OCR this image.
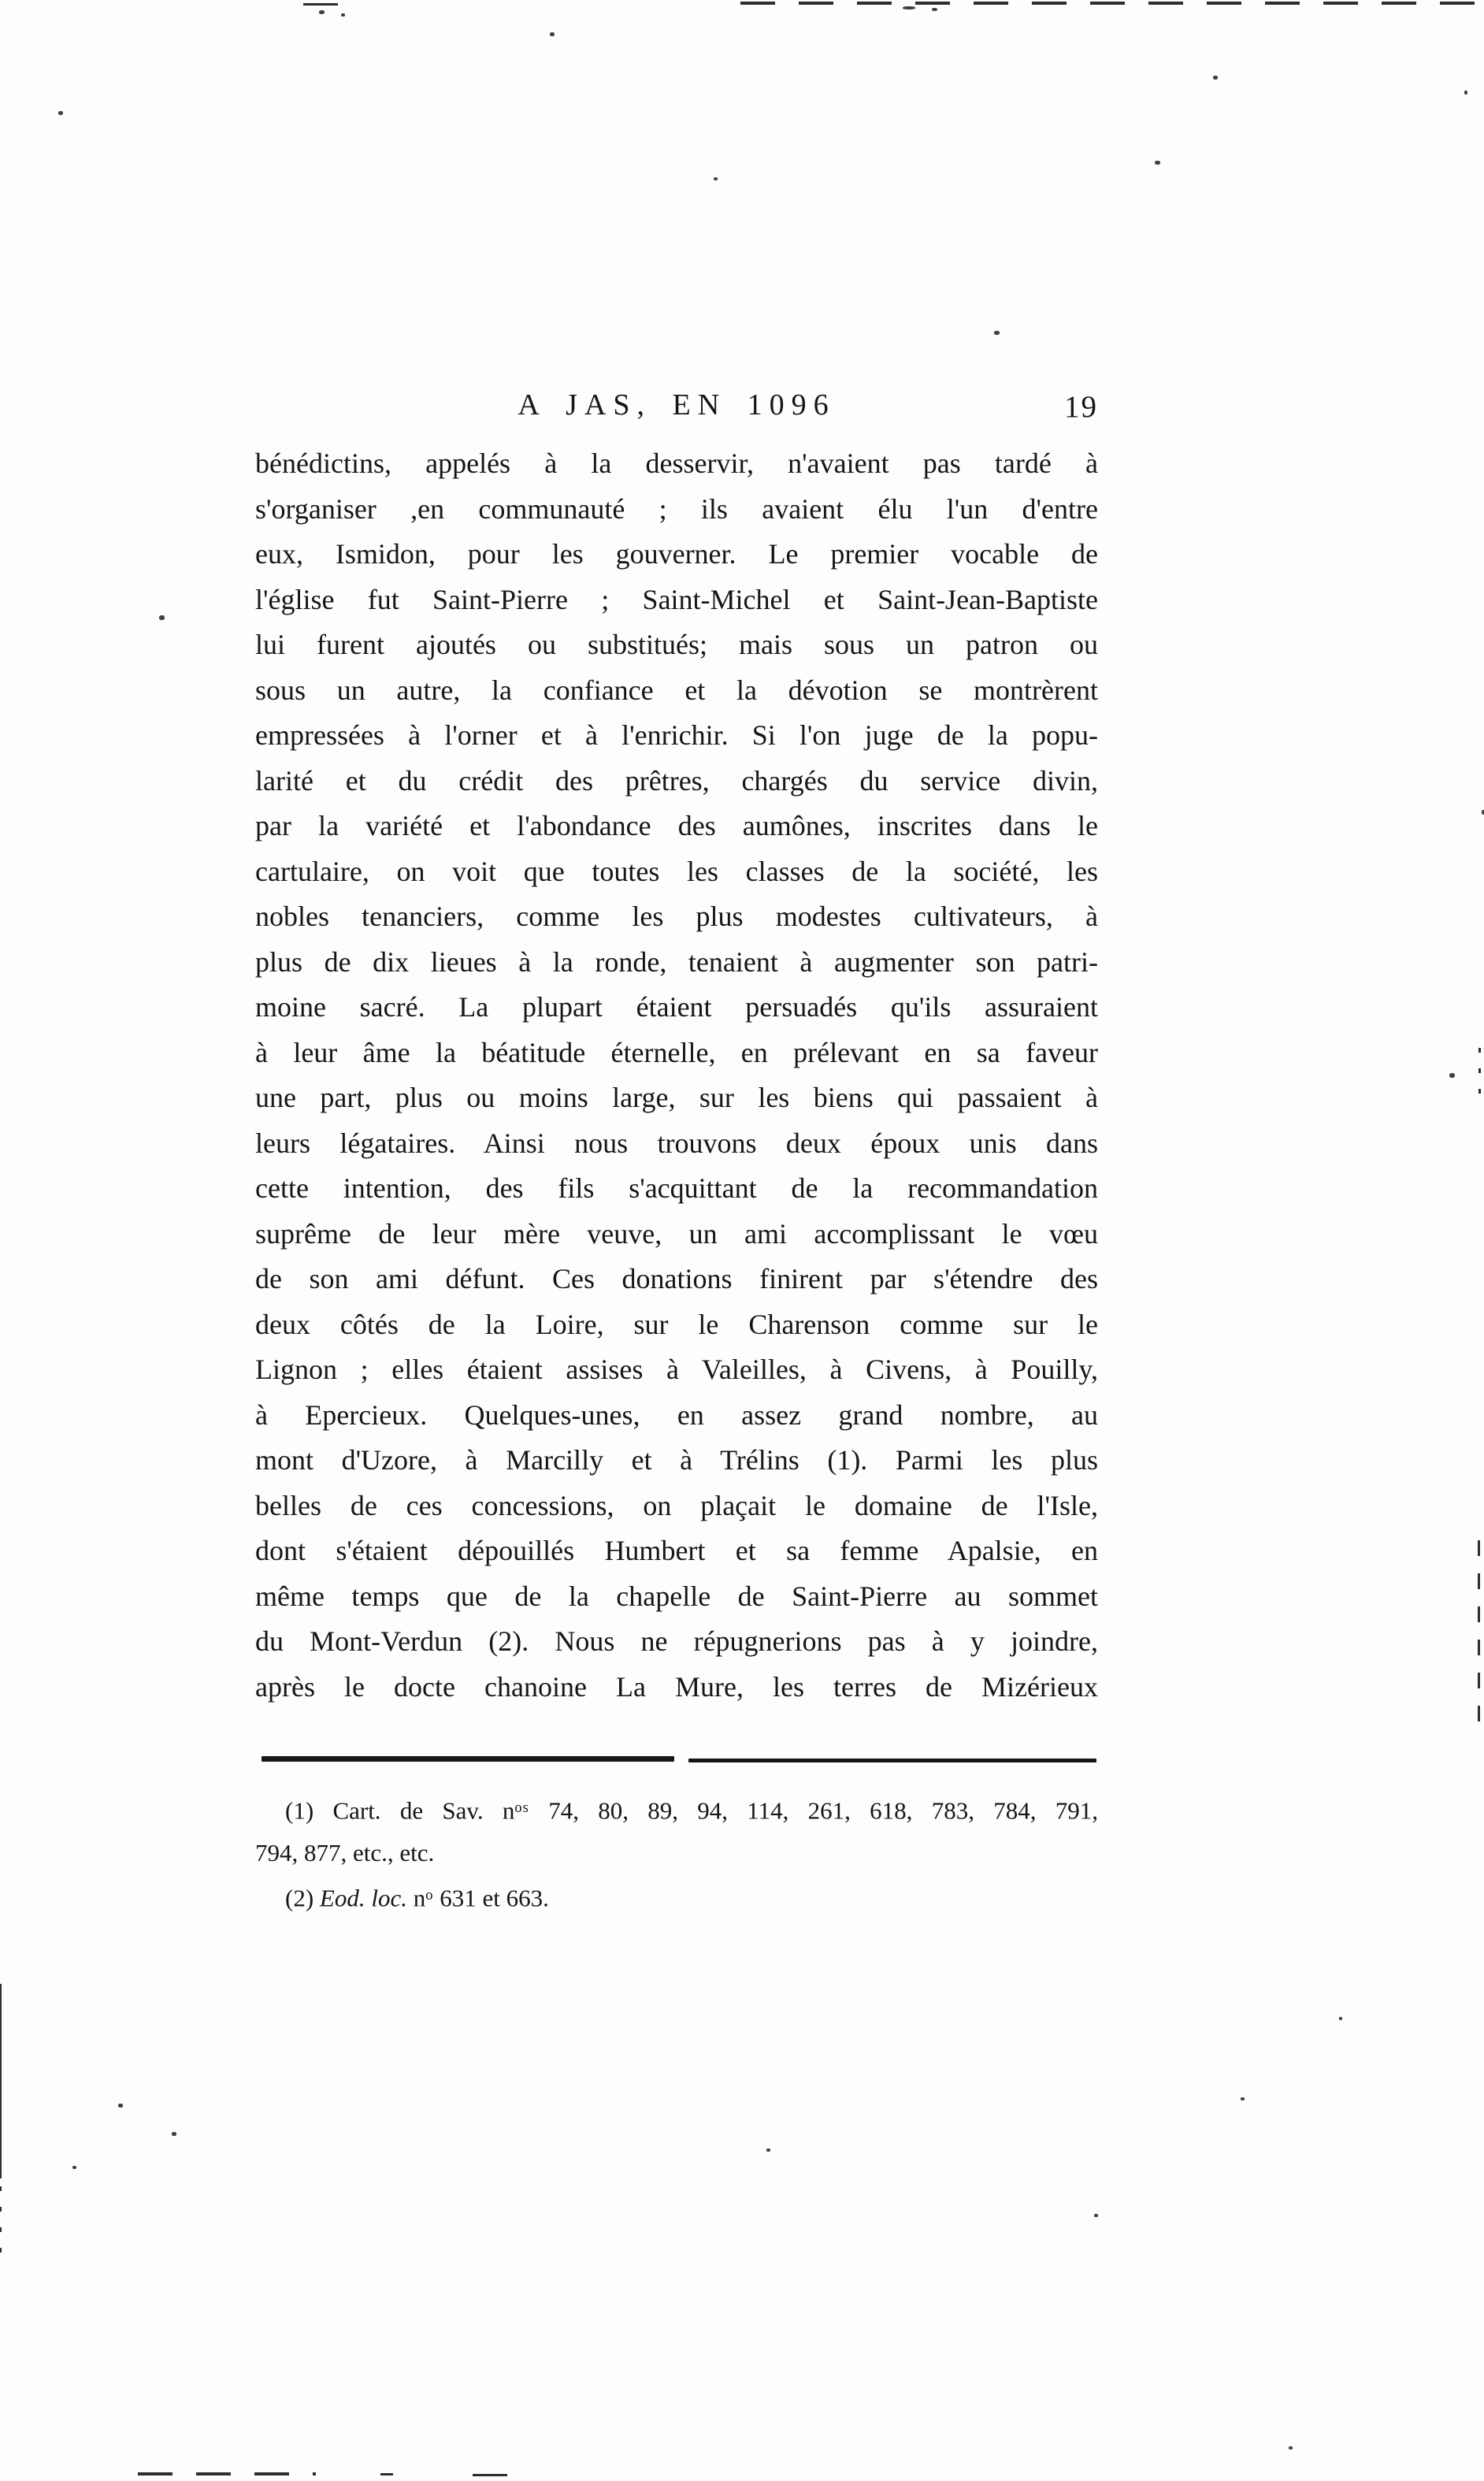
A JAS, EN 1096	19
bénédictins, appelés à la desservir, n'avaient pas tardé à
s'organiser ,en communauté ; ils avaient élu l'un d'entre
eux, Ismidon, pour les gouverner. Le premier vocable de
l'église fut Saint-Pierre ; Saint-Michel et Saint-Jean-Baptiste
lui furent ajoutés ou substitués; mais sous un patron ou
sous un autre, la confiance et la dévotion se montrèrent
empressées à l'orner et à l'enrichir. Si l'on juge de la popu-
larité et du crédit des prêtres, chargés du service divin,
par la variété et l'abondance des aumônes, inscrites dans le
cartulaire, on voit que toutes les classes de la société, les
nobles tenanciers, comme les plus modestes cultivateurs, à
plus de dix lieues à la ronde, tenaient à augmenter son patri-
moine sacré. La plupart étaient persuadés qu'ils assuraient
à leur âme la béatitude éternelle, en prélevant en sa faveur
une part, plus ou moins large, sur les biens qui passaient à
leurs légataires. Ainsi nous trouvons deux époux unis dans
cette intention, des fils s'acquittant de la recommandation
suprême de leur mère veuve, un ami accomplissant le vœu
de son ami défunt. Ces donations finirent par s'étendre des
deux côtés de la Loire, sur le Charenson comme sur le
Lignon ; elles étaient assises à Valeilles, à Civens, à Pouilly,
à Epercieux. Quelques-unes, en assez grand nombre, au
mont d'Uzore, à Marcilly et à Trélins (1). Parmi les plus
belles de ces concessions, on plaçait le domaine de l'Isle,
dont s'étaient dépouillés Humbert et sa femme Apalsie, en
même temps que de la chapelle de Saint-Pierre au sommet
du Mont-Verdun (2). Nous ne répugnerions pas à y joindre,
après le docte chanoine La Mure, les terres de Mizérieux
(1) Cart. de Sav. $n^{os}$ 74, 80, 89, 94, 114, 261, 618, 783, 784, 791,
794, 877, etc., etc.
(2) Eod. loc. $n^o$ 631 et 663.
